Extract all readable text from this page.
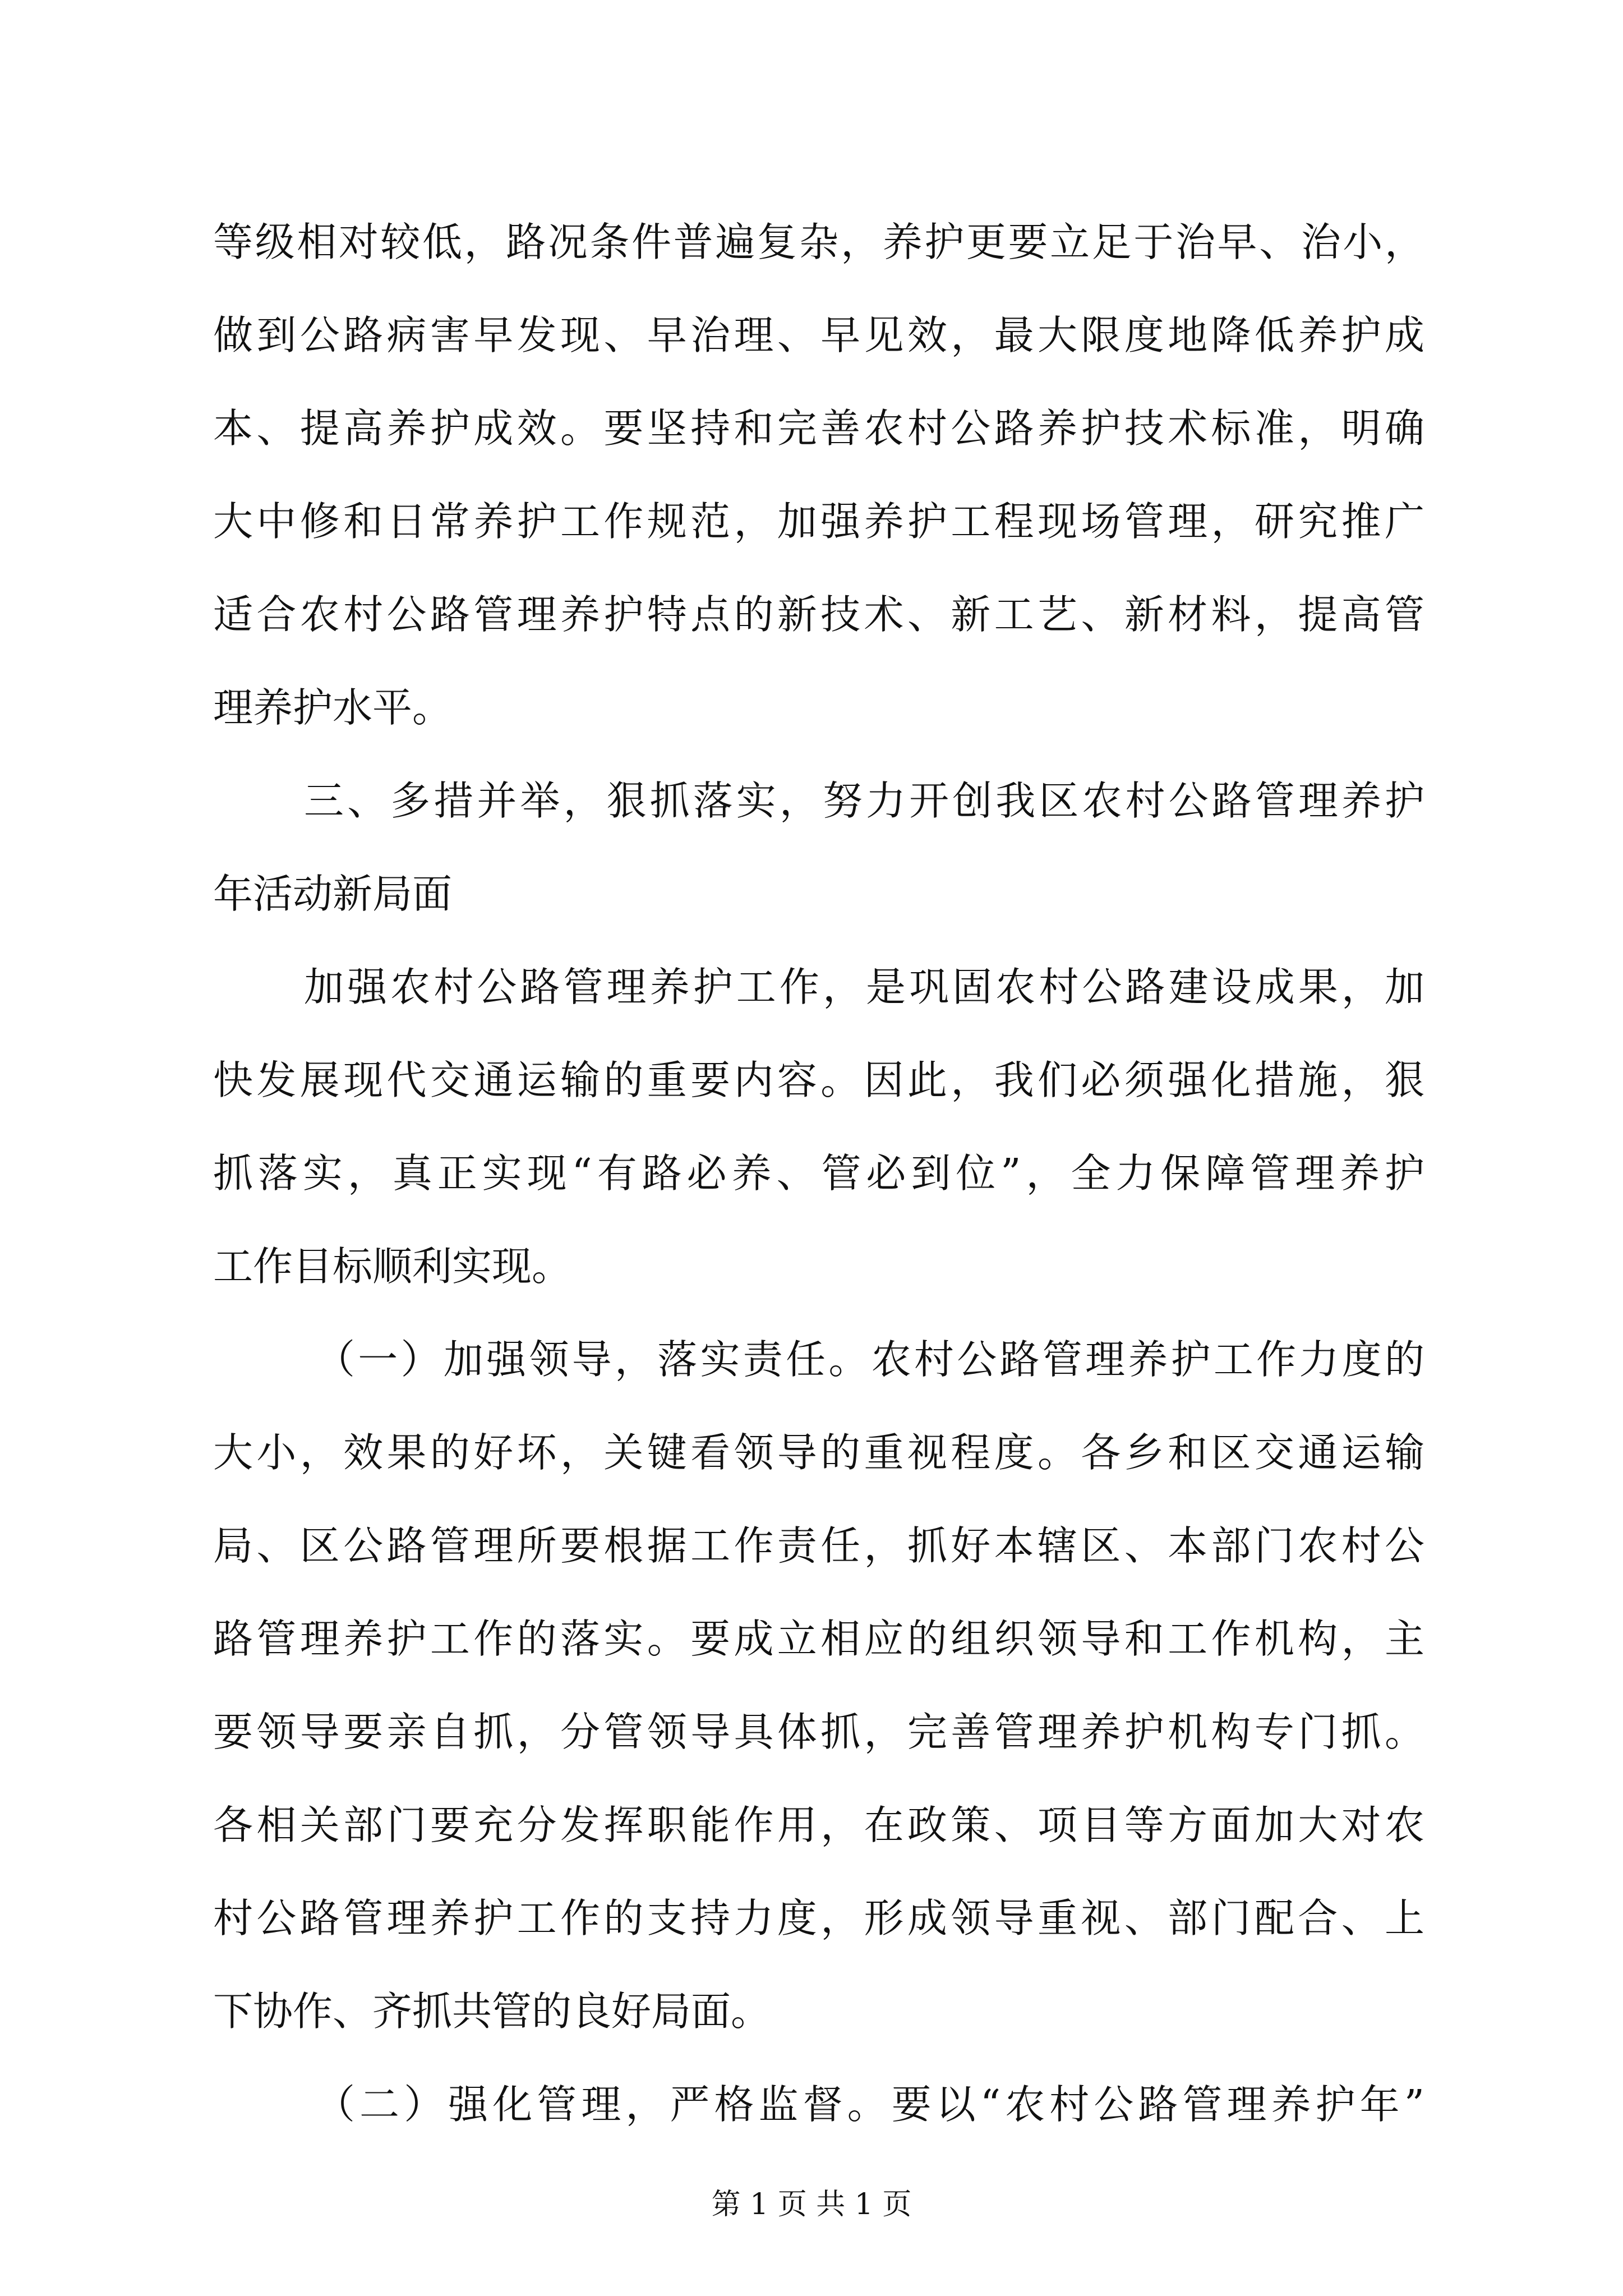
等级相对较低，路况条件普遍复杂，养护更要立足于治早、治小，
做到公路病害早发现、早治理、早见效，最大限度地降低养护成
本、提高养护成效。要坚持和完善农村公路养护技术标准，明确
大中修和日常养护工作规范，加强养护工程现场管理，研究推广
适合农村公路管理养护特点的新技术、新工艺、新材料，提高管
理养护水平。
三、多措并举，狠抓落实，努力开创我区农村公路管理养护
年活动新局面
加强农村公路管理养护工作，是巩固农村公路建设成果，加
快发展现代交通运输的重要内容。因此，我们必须强化措施，狠
抓落实，真正实现“有路必养、管必到位”，全力保障管理养护
工作目标顺利实现。
（一）加强领导，落实责任。农村公路管理养护工作力度的
大小，效果的好坏，关键看领导的重视程度。各乡和区交通运输
局、区公路管理所要根据工作责任，抓好本辖区、本部门农村公
路管理养护工作的落实。要成立相应的组织领导和工作机构，主
要领导要亲自抓，分管领导具体抓，完善管理养护机构专门抓。
各相关部门要充分发挥职能作用，在政策、项目等方面加大对农
村公路管理养护工作的支持力度，形成领导重视、部门配合、上
下协作、齐抓共管的良好局面。
（二）强化管理，严格监督。要以“农村公路管理养护年”
第 1 页 共 1 页
